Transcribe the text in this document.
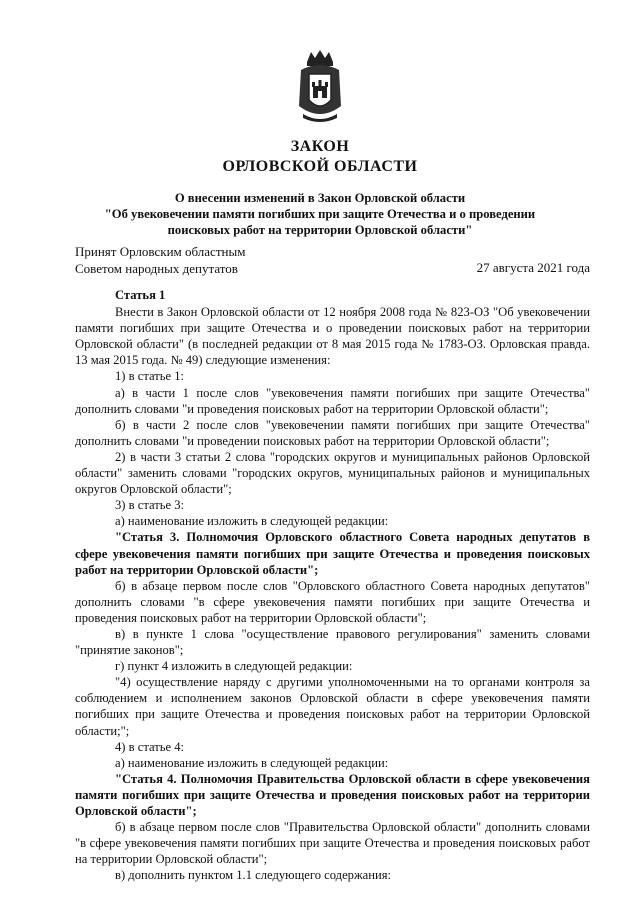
ЗАКОН
ОРЛОВСКОЙ ОБЛАСТИ
О внесении изменений в Закон Орловской области
"Об увековечении памяти погибших при защите Отечества и о проведении
поисковых работ на территории Орловской области"
Принят Орловским областным
Советом народных депутатов	27 августа 2021 года

Статья 1

Внести в Закон Орловской области от 12 ноября 2008 года № 823-ОЗ "Об увековечении памяти погибших при защите Отечества и о проведении поисковых работ на территории Орловской области" (в последней редакции от 8 мая 2015 года № 1783-ОЗ. Орловская правда. 13 мая 2015 года. № 49) следующие изменения:

1) в статье 1:

а) в части 1 после слов "увековечения памяти погибших при защите Отечества" дополнить словами "и проведения поисковых работ на территории Орловской области";

б) в части 2 после слов "увековечении памяти погибших при защите Отечества" дополнить словами "и проведении поисковых работ на территории Орловской области";

2) в части 3 статьи 2 слова "городских округов и муниципальных районов Орловской области" заменить словами "городских округов, муниципальных районов и муниципальных округов Орловской области";

3) в статье 3:

а) наименование изложить в следующей редакции:

"Статья 3. Полномочия Орловского областного Совета народных депутатов в сфере увековечения памяти погибших при защите Отечества и проведения поисковых работ на территории Орловской области";

б) в абзаце первом после слов "Орловского областного Совета народных депутатов" дополнить словами "в сфере увековечения памяти погибших при защите Отечества и проведения поисковых работ на территории Орловской области";

в) в пункте 1 слова "осуществление правового регулирования" заменить словами "принятие законов";

г) пункт 4 изложить в следующей редакции:

"4) осуществление наряду с другими уполномоченными на то органами контроля за соблюдением и исполнением законов Орловской области в сфере увековечения памяти погибших при защите Отечества и проведения поисковых работ на территории Орловской области;";

4) в статье 4:

а) наименование изложить в следующей редакции:

"Статья 4. Полномочия Правительства Орловской области в сфере увековечения памяти погибших при защите Отечества и проведения поисковых работ на территории Орловской области";

б) в абзаце первом после слов "Правительства Орловской области" дополнить словами "в сфере увековечения памяти погибших при защите Отечества и проведения поисковых работ на территории Орловской области";

в) дополнить пунктом 1.1 следующего содержания:
